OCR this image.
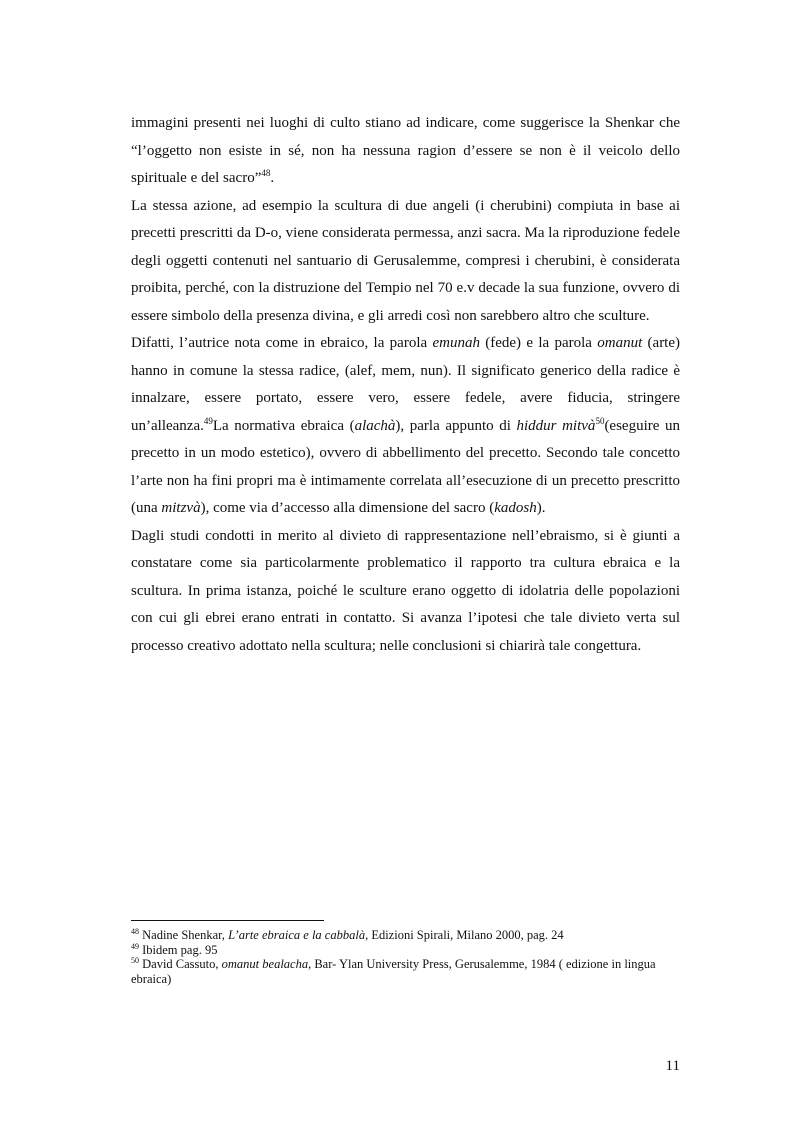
immagini presenti nei luoghi di culto stiano ad indicare, come suggerisce la Shenkar che “l’oggetto non esiste in sé, non ha nessuna ragion d’essere se non è il veicolo dello spirituale e del sacro”$^{48}$.

La stessa azione, ad esempio la scultura di due angeli (i cherubini) compiuta in base ai precetti prescritti da D-o, viene considerata permessa, anzi sacra. Ma la riproduzione fedele degli oggetti contenuti nel santuario di Gerusalemme, compresi i cherubini, è considerata proibita, perché, con la distruzione del Tempio nel 70 e.v decade la sua funzione, ovvero di essere simbolo della presenza divina, e gli arredi così non sarebbero altro che sculture.

Difatti, l’autrice nota come in ebraico, la parola emunah (fede) e la parola omanut (arte) hanno in comune la stessa radice, (alef, mem, nun). Il significato generico della radice è innalzare, essere portato, essere vero, essere fedele, avere fiducia, stringere un’alleanza.$^{49}$La normativa ebraica (alachà), parla appunto di hiddur mitvà$^{50}$(eseguire un precetto in un modo estetico), ovvero di abbellimento del precetto. Secondo tale concetto l’arte non ha fini propri ma è intimamente correlata all’esecuzione di un precetto prescritto (una mitzvà), come via d’accesso alla dimensione del sacro (kadosh).

Dagli studi condotti in merito al divieto di rappresentazione nell’ebraismo, si è giunti a constatare come sia particolarmente problematico il rapporto tra cultura ebraica e la scultura. In prima istanza, poiché le sculture erano oggetto di idolatria delle popolazioni con cui gli ebrei erano entrati in contatto. Si avanza l’ipotesi che tale divieto verta sul processo creativo adottato nella scultura; nelle conclusioni si chiarirà tale congettura.

$^{48}$ Nadine Shenkar, L’arte ebraica e la cabbalà, Edizioni Spirali, Milano 2000, pag. 24
$^{49}$ Ibidem pag. 95
$^{50}$ David Cassuto, omanut bealacha, Bar- Ylan University Press, Gerusalemme, 1984 ( edizione in lingua ebraica)
11
